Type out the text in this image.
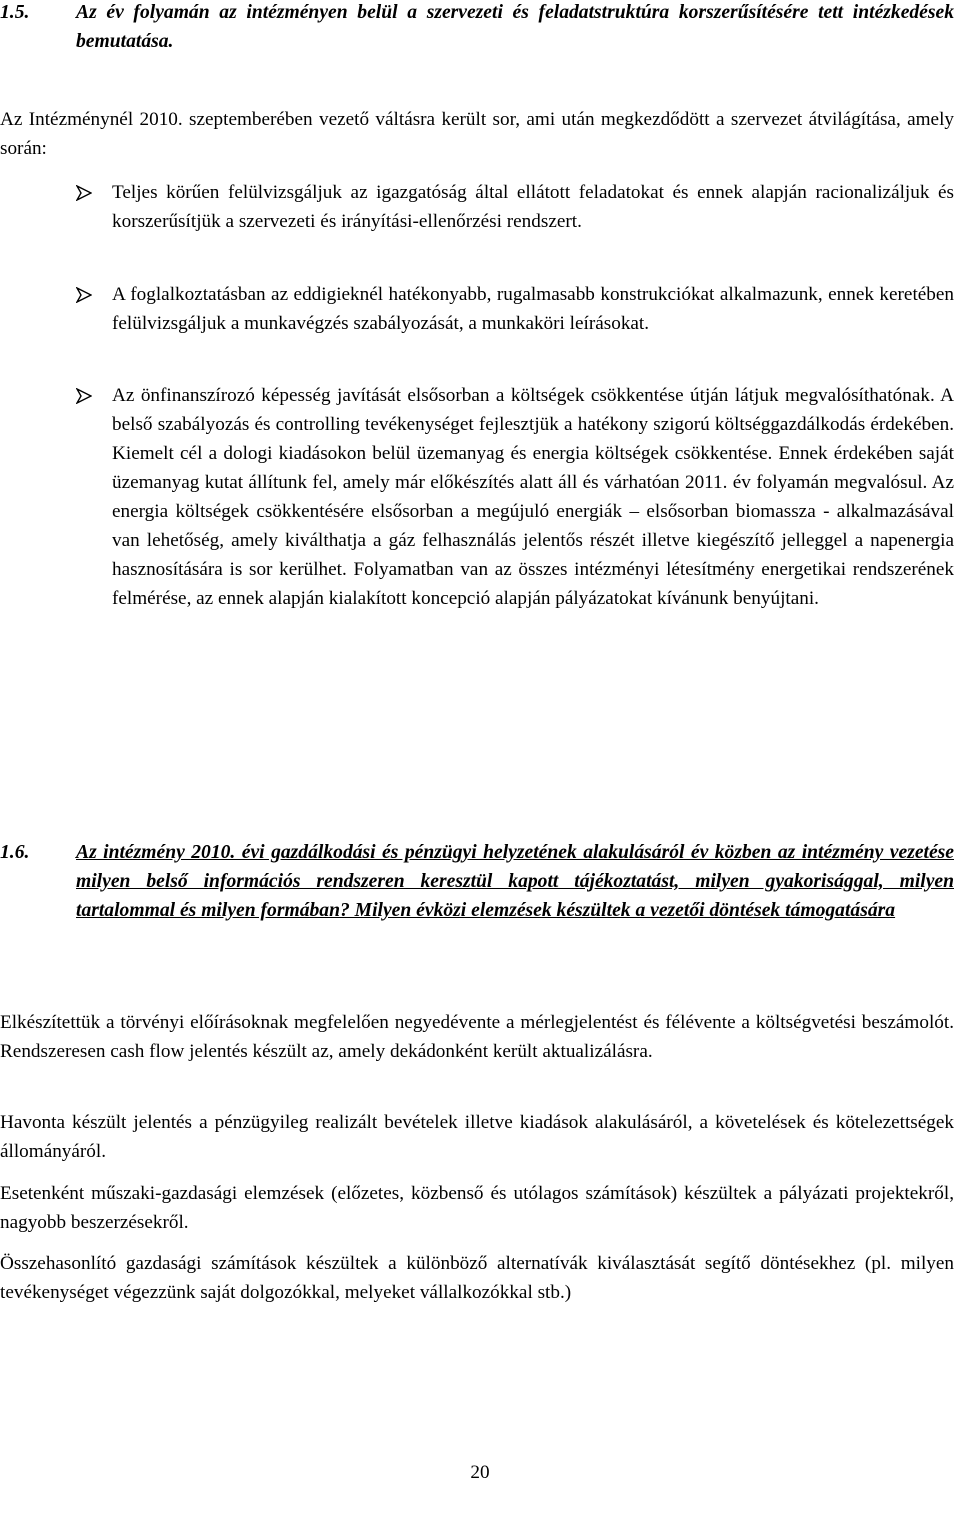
1.5. Az év folyamán az intézményen belül a szervezeti és feladatstruktúra korszerűsítésére tett intézkedések bemutatása.
Az Intézménynél 2010. szeptemberében vezető váltásra került sor, ami után megkezdődött a szervezet átvilágítása, amely során:
Teljes körűen felülvizsgáljuk az igazgatóság által ellátott feladatokat és ennek alapján racionalizáljuk és korszerűsítjük a szervezeti és irányítási-ellenőrzési rendszert.
A foglalkoztatásban az eddigieknél hatékonyabb, rugalmasabb konstrukciókat alkalmazunk, ennek keretében felülvizsgáljuk a munkavégzés szabályozását, a munkaköri leírásokat.
Az önfinanszírozó képesség javítását elsősorban a költségek csökkentése útján látjuk megvalósíthatónak. A belső szabályozás és controlling tevékenységet fejlesztjük a hatékony szigorú költséggazdálkodás érdekében. Kiemelt cél a dologi kiadásokon belül üzemanyag és energia költségek csökkentése. Ennek érdekében saját üzemanyag kutat állítunk fel, amely már előkészítés alatt áll és várhatóan 2011. év folyamán megvalósul. Az energia költségek csökkentésére elsősorban a megújuló energiák – elsősorban biomassza - alkalmazásával van lehetőség, amely kiválthatja a gáz felhasználás jelentős részét illetve kiegészítő jelleggel a napenergia hasznosítására is sor kerülhet. Folyamatban van az összes intézményi létesítmény energetikai rendszerének felmérése, az ennek alapján kialakított koncepció alapján pályázatokat kívánunk benyújtani.
1.6. Az intézmény 2010. évi gazdálkodási és pénzügyi helyzetének alakulásáról év közben az intézmény vezetése milyen belső információs rendszeren keresztül kapott tájékoztatást, milyen gyakorisággal, milyen tartalommal és milyen formában? Milyen évközi elemzések készültek a vezetői döntések támogatására
Elkészítettük a törvényi előírásoknak megfelelően negyedévente a mérlegjelentést és félévente a költségvetési beszámolót. Rendszeresen cash flow jelentés készült az, amely dekádonként került aktualizálásra.
Havonta készült jelentés a pénzügyileg realizált bevételek illetve kiadások alakulásáról, a követelések és kötelezettségek állományáról.
Esetenként műszaki-gazdasági elemzések (előzetes, közbenső és utólagos számítások) készültek a pályázati projektekről, nagyobb beszerzésekről.
Összehasonlító gazdasági számítások készültek a különböző alternatívák kiválasztását segítő döntésekhez (pl. milyen tevékenységet végezzünk saját dolgozókkal, melyeket vállalkozókkal stb.)
20
